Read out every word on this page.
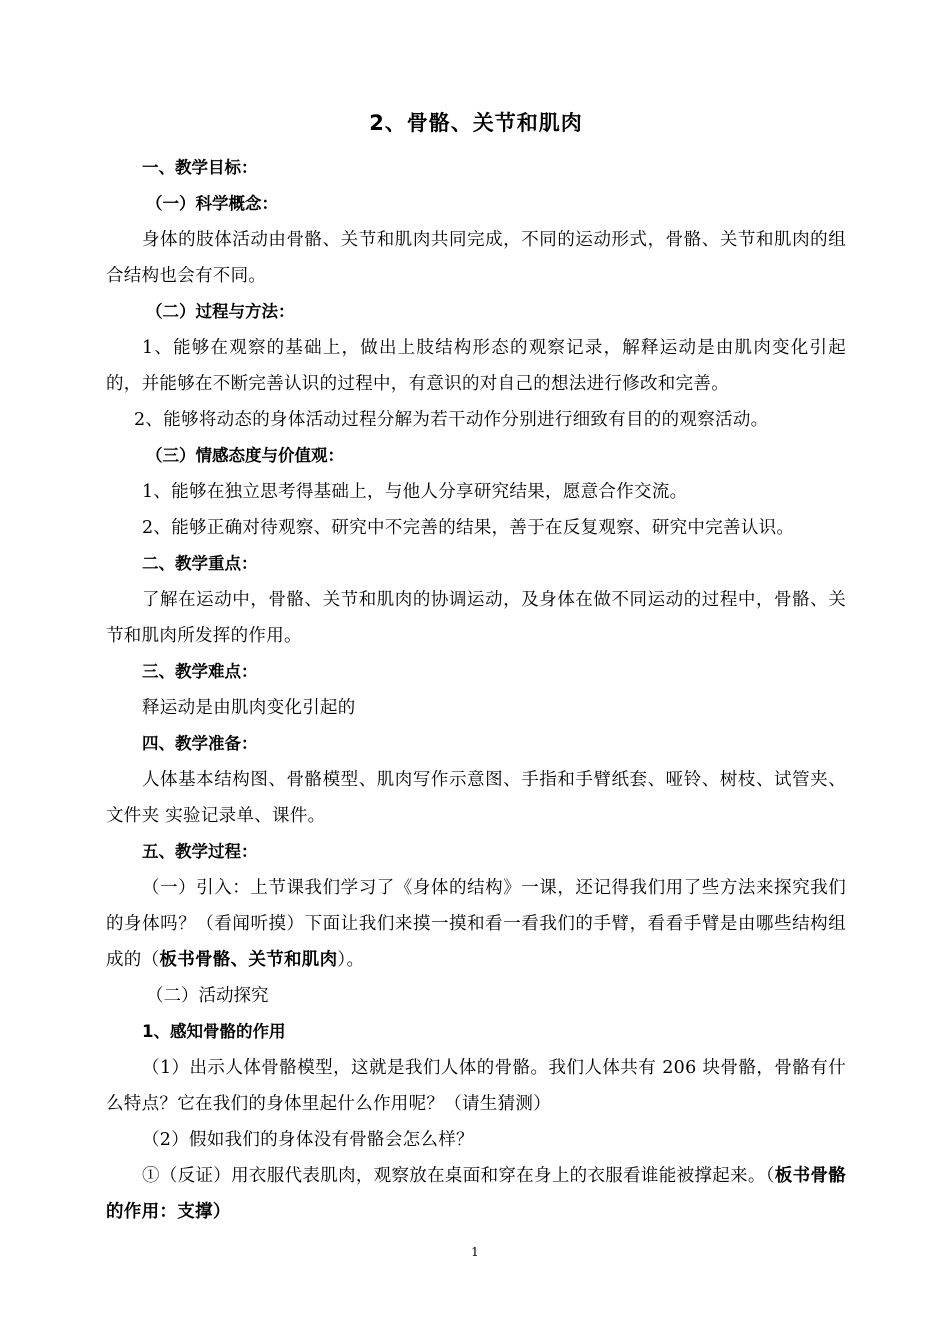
2、骨骼、关节和肌肉
一、教学目标：
（一）科学概念：

身体的肢体活动由骨骼、关节和肌肉共同完成，不同的运动形式，骨骼、关节和肌肉的组合结构也会有不同。

（二）过程与方法：

1、能够在观察的基础上，做出上肢结构形态的观察记录，解释运动是由肌肉变化引起的，并能够在不断完善认识的过程中，有意识的对自己的想法进行修改和完善。

2、能够将动态的身体活动过程分解为若干动作分别进行细致有目的的观察活动。

（三）情感态度与价值观：

1、能够在独立思考得基础上，与他人分享研究结果，愿意合作交流。

2、能够正确对待观察、研究中不完善的结果，善于在反复观察、研究中完善认识。

二、教学重点：

了解在运动中，骨骼、关节和肌肉的协调运动，及身体在做不同运动的过程中，骨骼、关节和肌肉所发挥的作用。

三、教学难点：

释运动是由肌肉变化引起的

四、教学准备：

人体基本结构图、骨骼模型、肌肉写作示意图、手指和手臂纸套、哑铃、树枝、试管夹、文件夹 实验记录单、课件。

五、教学过程：

（一）引入：上节课我们学习了《身体的结构》一课，还记得我们用了些方法来探究我们的身体吗？（看闻听摸）下面让我们来摸一摸和看一看我们的手臂，看看手臂是由哪些结构组成的（板书骨骼、关节和肌肉）。

（二）活动探究
1、感知骨骼的作用

（1）出示人体骨骼模型，这就是我们人体的骨骼。我们人体共有 206 块骨骼，骨骼有什么特点？它在我们的身体里起什么作用呢？（请生猜测）

（2）假如我们的身体没有骨骼会怎么样？

①（反证）用衣服代表肌肉，观察放在桌面和穿在身上的衣服看谁能被撑起来。（板书骨骼的作用：支撑）

1
